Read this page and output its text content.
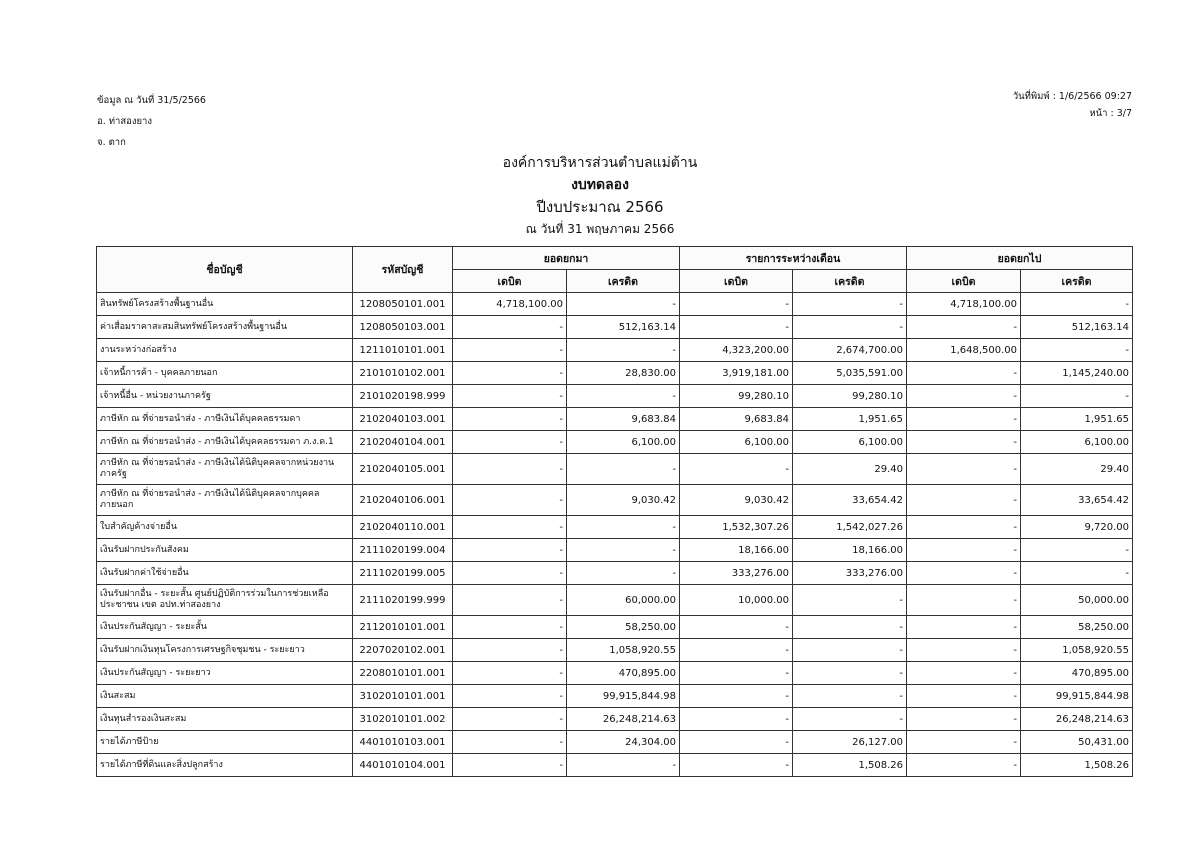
ข้อมูล ณ วันที่ 31/5/2566
อ. ท่าสองยาง
จ. ตาก
วันที่พิมพ์ : 1/6/2566 09:27
หน้า : 3/7
องค์การบริหารส่วนตำบลแม่ต้าน
งบทดลอง
ปีงบประมาณ 2566
ณ วันที่ 31 พฤษภาคม 2566
ชื่อบัญชี	รหัสบัญชี	ยอดยกมา		รายการระหว่างเดือน		ยอดยกไป	
		เดบิต	เครดิต	เดบิต	เครดิต	เดบิต	เครดิต
สินทรัพย์โครงสร้างพื้นฐานอื่น	1208050101.001	4,718,100.00	-	-	-	4,718,100.00	-
ค่าเสื่อมราคาสะสมสินทรัพย์โครงสร้างพื้นฐานอื่น	1208050103.001	-	512,163.14	-	-	-	512,163.14
งานระหว่างก่อสร้าง	1211010101.001	-	-	4,323,200.00	2,674,700.00	1,648,500.00	-
เจ้าหนี้การค้า - บุคคลภายนอก	2101010102.001	-	28,830.00	3,919,181.00	5,035,591.00	-	1,145,240.00
เจ้าหนี้อื่น - หน่วยงานภาครัฐ	2101020198.999	-	-	99,280.10	99,280.10	-	-
ภาษีหัก ณ ที่จ่ายรอนำส่ง - ภาษีเงินได้บุคคลธรรมดา	2102040103.001	-	9,683.84	9,683.84	1,951.65	-	1,951.65
ภาษีหัก ณ ที่จ่ายรอนำส่ง - ภาษีเงินได้บุคคลธรรมดา ภ.ง.ด.1	2102040104.001	-	6,100.00	6,100.00	6,100.00	-	6,100.00
ภาษีหัก ณ ที่จ่ายรอนำส่ง - ภาษีเงินได้นิติบุคคลจากหน่วยงานภาครัฐ	2102040105.001	-	-	-	29.40	-	29.40
ภาษีหัก ณ ที่จ่ายรอนำส่ง - ภาษีเงินได้นิติบุคคลจากบุคคลภายนอก	2102040106.001	-	9,030.42	9,030.42	33,654.42	-	33,654.42
ใบสำคัญค้างจ่ายอื่น	2102040110.001	-	-	1,532,307.26	1,542,027.26	-	9,720.00
เงินรับฝากประกันสังคม	2111020199.004	-	-	18,166.00	18,166.00	-	-
เงินรับฝากค่าใช้จ่ายอื่น	2111020199.005	-	-	333,276.00	333,276.00	-	-
เงินรับฝากอื่น - ระยะสั้น ศูนย์ปฏิบัติการร่วมในการช่วยเหลือประชาชน เขต อปท.ท่าสองยาง	2111020199.999	-	60,000.00	10,000.00	-	-	50,000.00
เงินประกันสัญญา - ระยะสั้น	2112010101.001	-	58,250.00	-	-	-	58,250.00
เงินรับฝากเงินทุนโครงการเศรษฐกิจชุมชน - ระยะยาว	2207020102.001	-	1,058,920.55	-	-	-	1,058,920.55
เงินประกันสัญญา - ระยะยาว	2208010101.001	-	470,895.00	-	-	-	470,895.00
เงินสะสม	3102010101.001	-	99,915,844.98	-	-	-	99,915,844.98
เงินทุนสำรองเงินสะสม	3102010101.002	-	26,248,214.63	-	-	-	26,248,214.63
รายได้ภาษีป้าย	4401010103.001	-	24,304.00	-	26,127.00	-	50,431.00
รายได้ภาษีที่ดินและสิ่งปลูกสร้าง	4401010104.001	-	-	-	1,508.26	-	1,508.26
